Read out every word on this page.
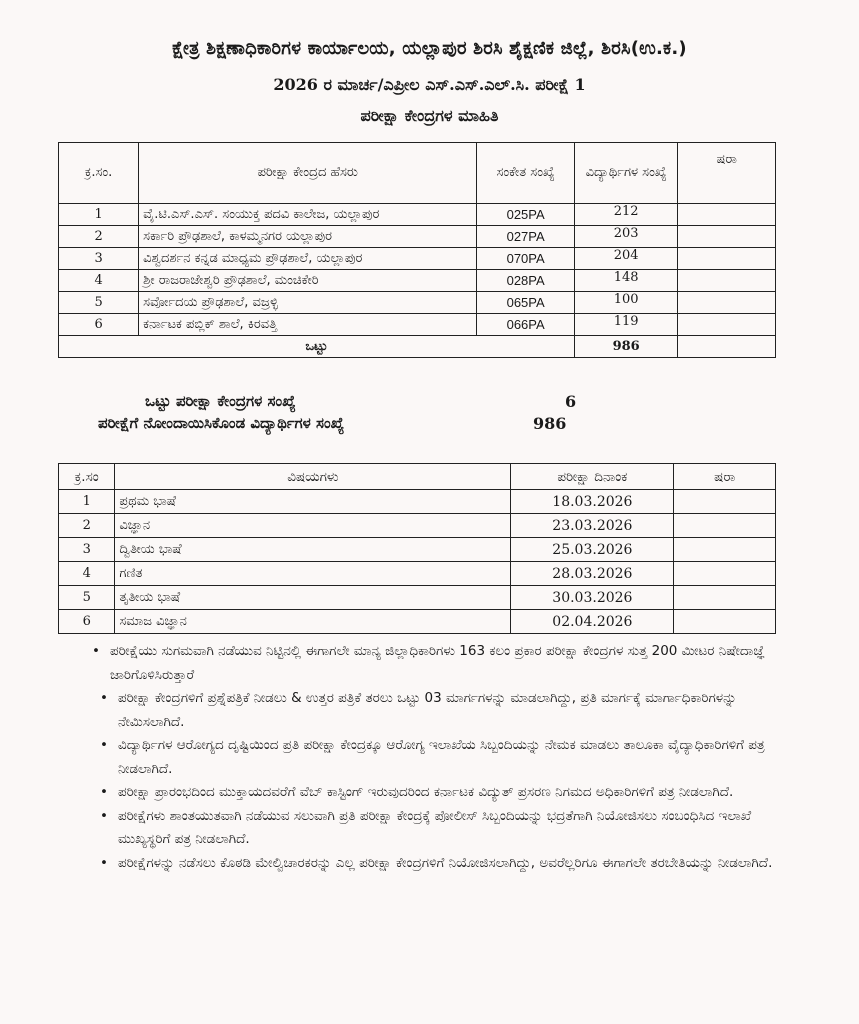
ಕ್ಷೇತ್ರ ಶಿಕ್ಷಣಾಧಿಕಾರಿಗಳ ಕಾರ್ಯಾಲಯ, ಯಲ್ಲಾಪುರ ಶಿರಸಿ ಶೈಕ್ಷಣಿಕ ಜಿಲ್ಲೆ, ಶಿರಸಿ(ಉ.ಕ.)
2026 ರ ಮಾರ್ಚ/ಎಪ್ರೀಲ ಎಸ್.ಎಸ್.ಎಲ್.ಸಿ. ಪರೀಕ್ಷೆ 1
ಪರೀಕ್ಷಾ ಕೇಂದ್ರಗಳ ಮಾಹಿತಿ
ಕ್ರ.ಸಂ.	ಪರೀಕ್ಷಾ ಕೇಂದ್ರದ ಹೆಸರು	ಸಂಕೇತ ಸಂಖ್ಯೆ	ವಿದ್ಯಾರ್ಥಿಗಳ ಸಂಖ್ಯೆ	ಷರಾ
1	ವೈ.ಟಿ.ಎಸ್.ಎಸ್. ಸಂಯುಕ್ತ ಪದವಿ ಕಾಲೇಜ, ಯಲ್ಲಾಪುರ	025PA	212	
2	ಸರ್ಕಾರಿ ಪ್ರೌಢಶಾಲೆ, ಕಾಳಮ್ಮನಗರ ಯಲ್ಲಾಪುರ	027PA	203	
3	ವಿಶ್ವದರ್ಶನ ಕನ್ನಡ ಮಾಧ್ಯಮ ಪ್ರೌಢಶಾಲೆ, ಯಲ್ಲಾಪುರ	070PA	204	
4	ಶ್ರೀ ರಾಜರಾಜೇಶ್ವರಿ ಪ್ರೌಢಶಾಲೆ, ಮಂಚಿಕೇರಿ	028PA	148	
5	ಸರ್ವೋದಯ ಪ್ರೌಢಶಾಲೆ, ವಜ್ರಳ್ಳಿ	065PA	100	
6	ಕರ್ನಾಟಕ ಪಬ್ಲಿಕ್ ಶಾಲೆ, ಕಿರವತ್ತಿ	066PA	119	
ಒಟ್ಟು			986	
ಒಟ್ಟು ಪರೀಕ್ಷಾ ಕೇಂದ್ರಗಳ ಸಂಖ್ಯೆ	6
ಪರೀಕ್ಷೆಗೆ ನೋಂದಾಯಿಸಿಕೊಂಡ ವಿದ್ಯಾರ್ಥಿಗಳ ಸಂಖ್ಯೆ	986
ಕ್ರ.ಸಂ	ವಿಷಯಗಳು	ಪರೀಕ್ಷಾ ದಿನಾಂಕ	ಷರಾ
1	ಪ್ರಥಮ ಭಾಷೆ	18.03.2026	
2	ವಿಜ್ಞಾನ	23.03.2026	
3	ದ್ವಿತೀಯ ಭಾಷೆ	25.03.2026	
4	ಗಣಿತ	28.03.2026	
5	ತೃತೀಯ ಭಾಷೆ	30.03.2026	
6	ಸಮಾಜ ವಿಜ್ಞಾನ	02.04.2026	
• ಪರೀಕ್ಷೆಯು ಸುಗಮವಾಗಿ ನಡೆಯುವ ನಿಟ್ಟಿನಲ್ಲಿ ಈಗಾಗಲೇ ಮಾನ್ಯ ಜಿಲ್ಲಾಧಿಕಾರಿಗಳು 163 ಕಲಂ ಪ್ರಕಾರ ಪರೀಕ್ಷಾ ಕೇಂದ್ರಗಳ ಸುತ್ತ 200 ಮೀಟರ ನಿಷೇದಾಜ್ಞೆ ಜಾರಿಗೊಳಿಸಿರುತ್ತಾರೆ
• ಪರೀಕ್ಷಾ ಕೇಂದ್ರಗಳಿಗೆ ಪ್ರಶ್ನೆಪತ್ರಿಕೆ ನೀಡಲು & ಉತ್ತರ ಪತ್ರಿಕೆ ತರಲು ಒಟ್ಟು 03 ಮಾರ್ಗಗಳನ್ನು ಮಾಡಲಾಗಿದ್ದು, ಪ್ರತಿ ಮಾರ್ಗಕ್ಕೆ ಮಾರ್ಗಾಧಿಕಾರಿಗಳನ್ನು ನೇಮಿಸಲಾಗಿದೆ.
• ವಿದ್ಯಾರ್ಥಿಗಳ ಆರೋಗ್ಯದ ದೃಷ್ಟಿಯಿಂದ ಪ್ರತಿ ಪರೀಕ್ಷಾ ಕೇಂದ್ರಕ್ಕೂ ಆರೋಗ್ಯ ಇಲಾಖೆಯ ಸಿಬ್ಬಂದಿಯನ್ನು ನೇಮಕ ಮಾಡಲು ತಾಲೂಕಾ ವೈದ್ಯಾಧಿಕಾರಿಗಳಿಗೆ ಪತ್ರ ನೀಡಲಾಗಿದೆ.
• ಪರೀಕ್ಷಾ ಪ್ರಾರಂಭದಿಂದ ಮುಕ್ತಾಯದವರೆಗೆ ವೆಬ್ ಕಾಸ್ಟಿಂಗ್ ಇರುವುದರಿಂದ ಕರ್ನಾಟಕ ವಿದ್ಯುತ್ ಪ್ರಸರಣ ನಿಗಮದ ಅಧಿಕಾರಿಗಳಿಗೆ ಪತ್ರ ನೀಡಲಾಗಿದೆ.
• ಪರೀಕ್ಷೆಗಳು ಶಾಂತಯುತವಾಗಿ ನಡೆಯುವ ಸಲುವಾಗಿ ಪ್ರತಿ ಪರೀಕ್ಷಾ ಕೇಂದ್ರಕ್ಕೆ ಪೋಲೀಸ್ ಸಿಬ್ಬಂದಿಯನ್ನು ಭದ್ರತೆಗಾಗಿ ನಿಯೋಜಿಸಲು ಸಂಬಂಧಿಸಿದ ಇಲಾಖೆ ಮುಖ್ಯಸ್ಥರಿಗೆ ಪತ್ರ ನೀಡಲಾಗಿದೆ.
• ಪರೀಕ್ಷೆಗಳನ್ನು ನಡೆಸಲು ಕೊಠಡಿ ಮೇಲ್ವಿಚಾರಕರನ್ನು ಎಲ್ಲ ಪರೀಕ್ಷಾ ಕೇಂದ್ರಗಳಿಗೆ ನಿಯೋಜಿಸಲಾಗಿದ್ದು, ಅವರೆಲ್ಲರಿಗೂ ಈಗಾಗಲೇ ತರಬೇತಿಯನ್ನು ನೀಡಲಾಗಿದೆ.
